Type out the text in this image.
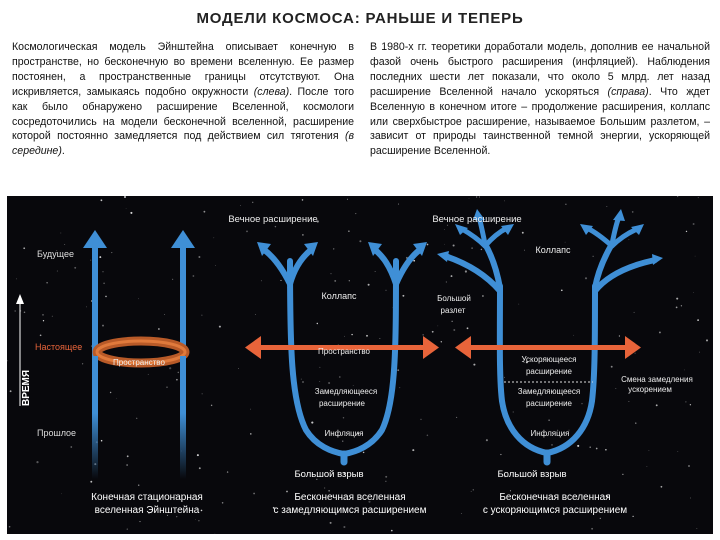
МОДЕЛИ КОСМОСА: РАНЬШЕ И ТЕПЕРЬ
Космологическая модель Эйнштейна описывает конечную в пространстве, но бесконечную во времени вселенную. Ее размер постоянен, а пространственные границы отсутствуют. Она искривляется, замыкаясь подобно окружности (слева). После того как было обнаружено расширение Вселенной, космологи сосредоточились на модели бесконечной вселенной, расширение которой постоянно замедляется под действием сил тяготения (в середине).
В 1980-х гг. теоретики доработали модель, дополнив ее начальной фазой очень быстрого расширения (инфляцией). Наблюдения последних шести лет показали, что около 5 млрд. лет назад расширение Вселенной начало ускоряться (справа). Что ждет Вселенную в конечном итоге – продолжение расширения, коллапс или сверхбыстрое расширение, называемое Большим разлетом, – зависит от природы таинственной темной энергии, ускоряющей расширение Вселенной.
ВРЕМЯ
Будущее
Настоящее
Прошлое
Пространство
Конечная стационарная
вселенная Эйнштейна
Вечное расширение
Коллапс
Пространство
Замедляющееся
расширение
Инфляция
Большой взрыв
Бесконечная вселенная
с замедляющимся расширением
Вечное расширение
Коллапс
Большой
разлет
Ускоряющееся
расширение
Замедляющееся
расширение
Смена замедления
ускорением
Инфляция
Большой взрыв
Бесконечная вселенная
с ускоряющимся расширением
